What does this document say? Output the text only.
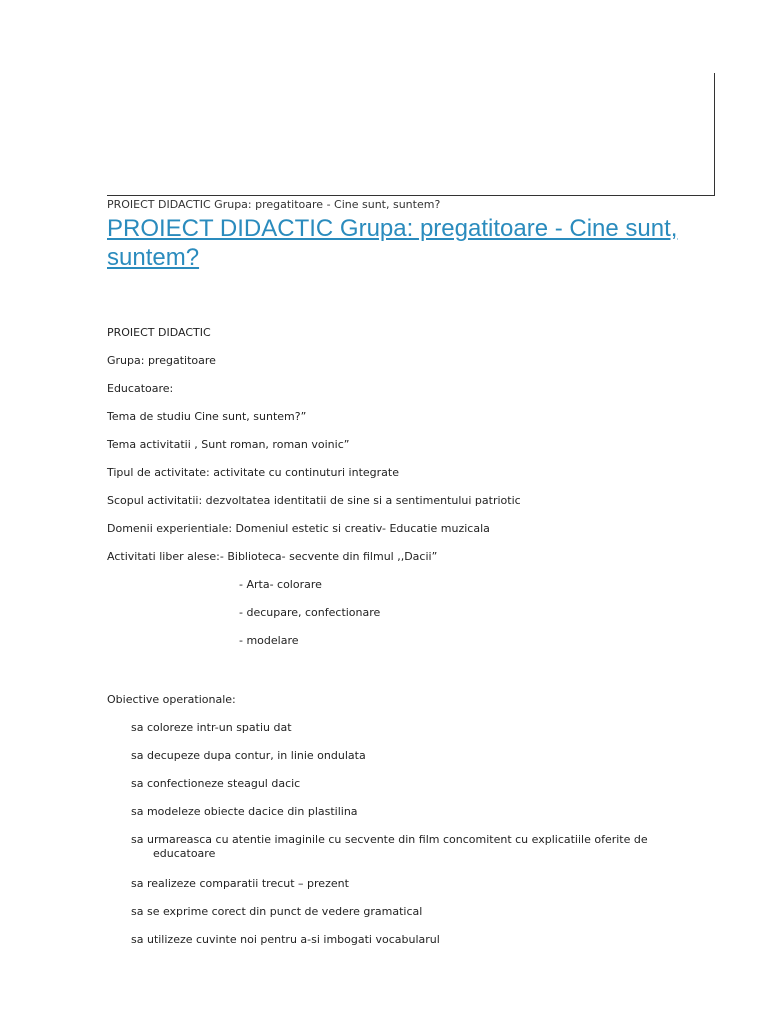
PROIECT DIDACTIC Grupa: pregatitoare - Cine sunt, suntem?
PROIECT DIDACTIC Grupa: pregatitoare - Cine sunt, suntem?
PROIECT DIDACTIC
Grupa: pregatitoare
Educatoare:
Tema de studiu Cine sunt, suntem?”
Tema activitatii , Sunt roman, roman voinic”
Tipul de activitate: activitate cu continuturi integrate
Scopul activitatii: dezvoltatea identitatii de sine si a sentimentului patriotic
Domenii experientiale: Domeniul estetic si creativ- Educatie muzicala
Activitati liber alese:- Biblioteca- secvente din filmul ,,Dacii”
- Arta- colorare
- decupare, confectionare
- modelare
Obiective operationale:
sa coloreze intr-un spatiu dat
sa decupeze dupa contur, in linie ondulata
sa confectioneze steagul dacic
sa modeleze obiecte dacice din plastilina
sa urmareasca cu atentie imaginile cu secvente din film concomitent cu explicatiile oferite de educatoare
sa realizeze comparatii trecut – prezent
sa se exprime corect din punct de vedere gramatical
sa utilizeze cuvinte noi pentru a-si imbogati vocabularul
